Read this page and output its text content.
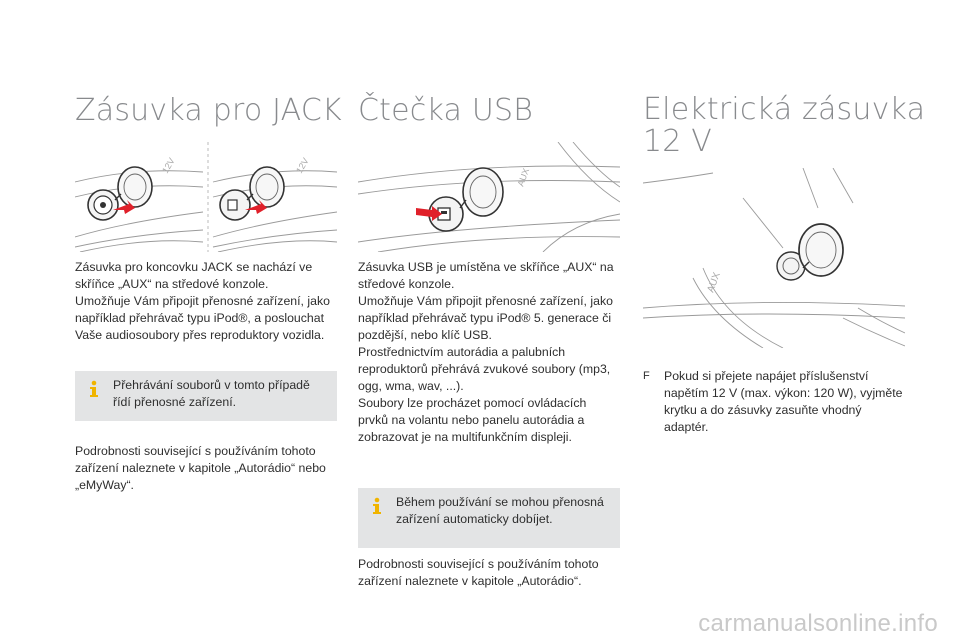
Zásuvka pro JACK
12V	12V

Zásuvka pro koncovku JACK se nachází ve

skříňce „AUX“ na středové konzole.

Umožňuje Vám připojit přenosné zařízení, jako

například přehrávač typu iPod®, a poslouchat

Vaše audiosoubory přes reproduktory vozidla.

Přehrávání souborů v tomto případě

řídí přenosné zařízení.

Podrobnosti související s používáním tohoto

zařízení naleznete v kapitole „Autorádio“ nebo

„eMyWay“.

Čtečka USB
AUX

Zásuvka USB je umístěna ve skříňce „AUX“ na

středové konzole.

Umožňuje Vám připojit přenosné zařízení, jako

například přehrávač typu iPod® 5. generace či

pozdější, nebo klíč USB.

Prostřednictvím autorádia a palubních

reproduktorů přehrává zvukové soubory (mp3,

ogg, wma, wav, ...).

Soubory lze procházet pomocí ovládacích

prvků na volantu nebo panelu autorádia a

zobrazovat je na multifunkčním displeji.

Během používání se mohou přenosná

zařízení automaticky dobíjet.

Podrobnosti související s používáním tohoto

zařízení naleznete v kapitole „Autorádio“.

Elektrická zásuvka
12 V
AUX
F Pokud si přejete napájet příslušenství

napětím 12 V (max. výkon: 120 W), vyjměte

krytku a do zásuvky zasuňte vhodný

adaptér.

carmanualsonline.info
